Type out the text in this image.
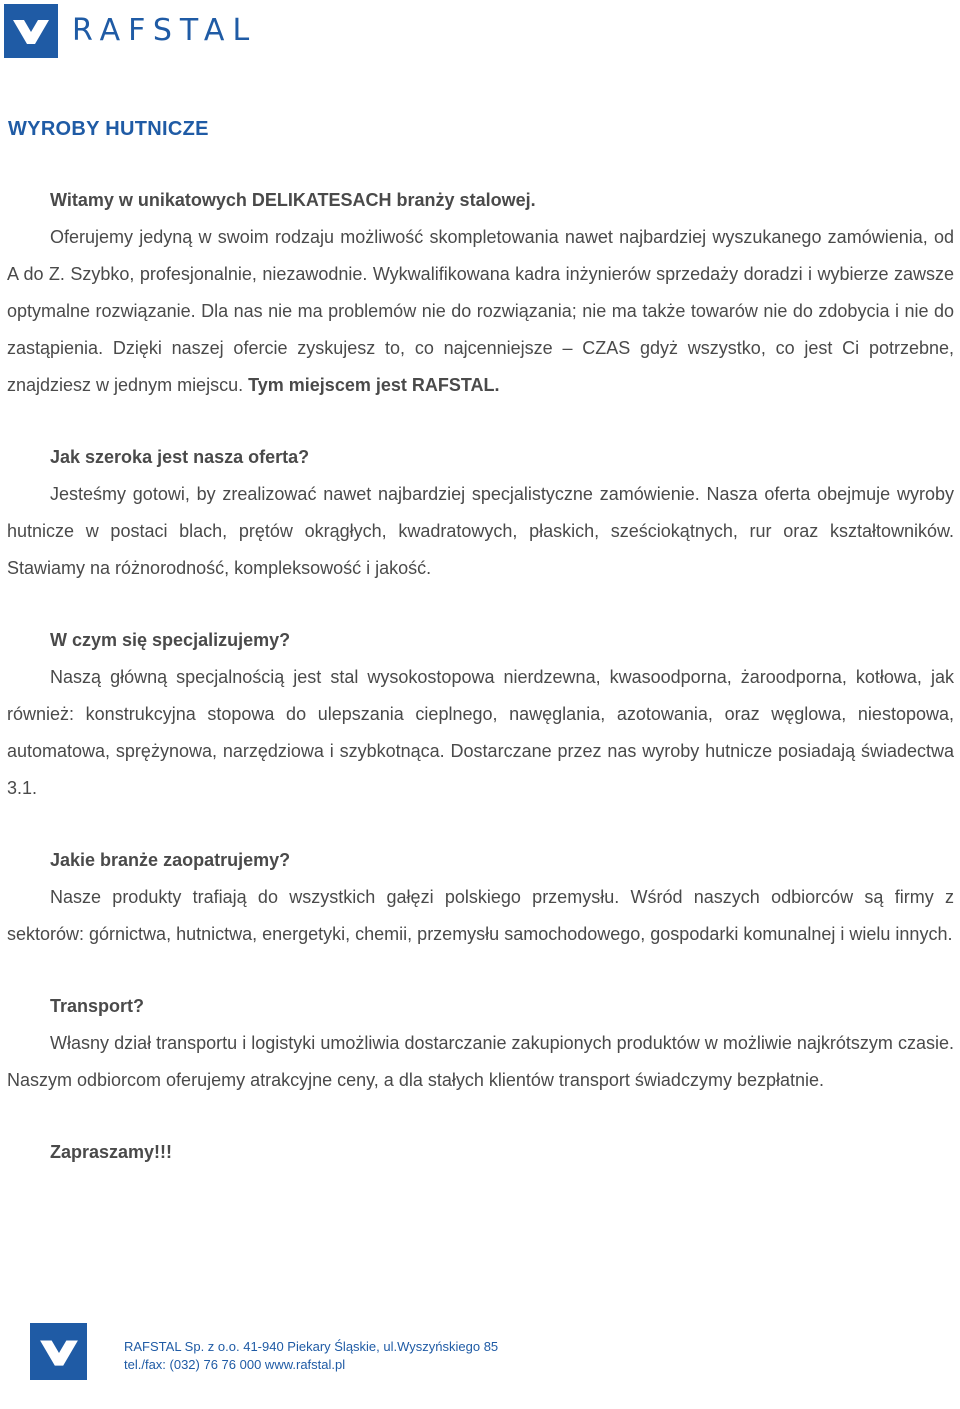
RAFSTAL
WYROBY HUTNICZE

Witamy w unikatowych DELIKATESACH branży stalowej.

Oferujemy jedyną w swoim rodzaju możliwość skompletowania nawet najbardziej wyszukanego zamówienia, od A do Z. Szybko, profesjonalnie, niezawodnie. Wykwalifikowana kadra inżynierów sprzedaży doradzi i wybierze zawsze optymalne rozwiązanie. Dla nas nie ma problemów nie do rozwiązania; nie ma także towarów nie do zdobycia i nie do zastąpienia. Dzięki naszej ofercie zyskujesz to, co najcenniejsze – CZAS gdyż wszystko, co jest Ci potrzebne, znajdziesz w jednym miejscu. Tym miejscem jest RAFSTAL.

Jak szeroka jest nasza oferta?

Jesteśmy gotowi, by zrealizować nawet najbardziej specjalistyczne zamówienie. Nasza oferta obejmuje wyroby hutnicze w postaci blach, prętów okrągłych, kwadratowych, płaskich, sześciokątnych, rur oraz kształtowników. Stawiamy na różnorodność, kompleksowość i jakość.

W czym się specjalizujemy?

Naszą główną specjalnością jest stal wysokostopowa nierdzewna, kwasoodporna, żaroodporna, kotłowa, jak również: konstrukcyjna stopowa do ulepszania cieplnego, nawęglania, azotowania, oraz węglowa, niestopowa, automatowa, sprężynowa, narzędziowa i szybkotnąca. Dostarczane przez nas wyroby hutnicze posiadają świadectwa 3.1.

Jakie branże zaopatrujemy?

Nasze produkty trafiają do wszystkich gałęzi polskiego przemysłu. Wśród naszych odbiorców są firmy z sektorów: górnictwa, hutnictwa, energetyki, chemii, przemysłu samochodowego, gospodarki komunalnej i wielu innych.

Transport?

Własny dział transportu i logistyki umożliwia dostarczanie zakupionych produktów w możliwie najkrótszym czasie. Naszym odbiorcom oferujemy atrakcyjne ceny, a dla stałych klientów transport świadczymy bezpłatnie.

Zapraszamy!!!

RAFSTAL Sp. z o.o. 41-940 Piekary Śląskie, ul.Wyszyńskiego 85
tel./fax: (032) 76 76 000 www.rafstal.pl
